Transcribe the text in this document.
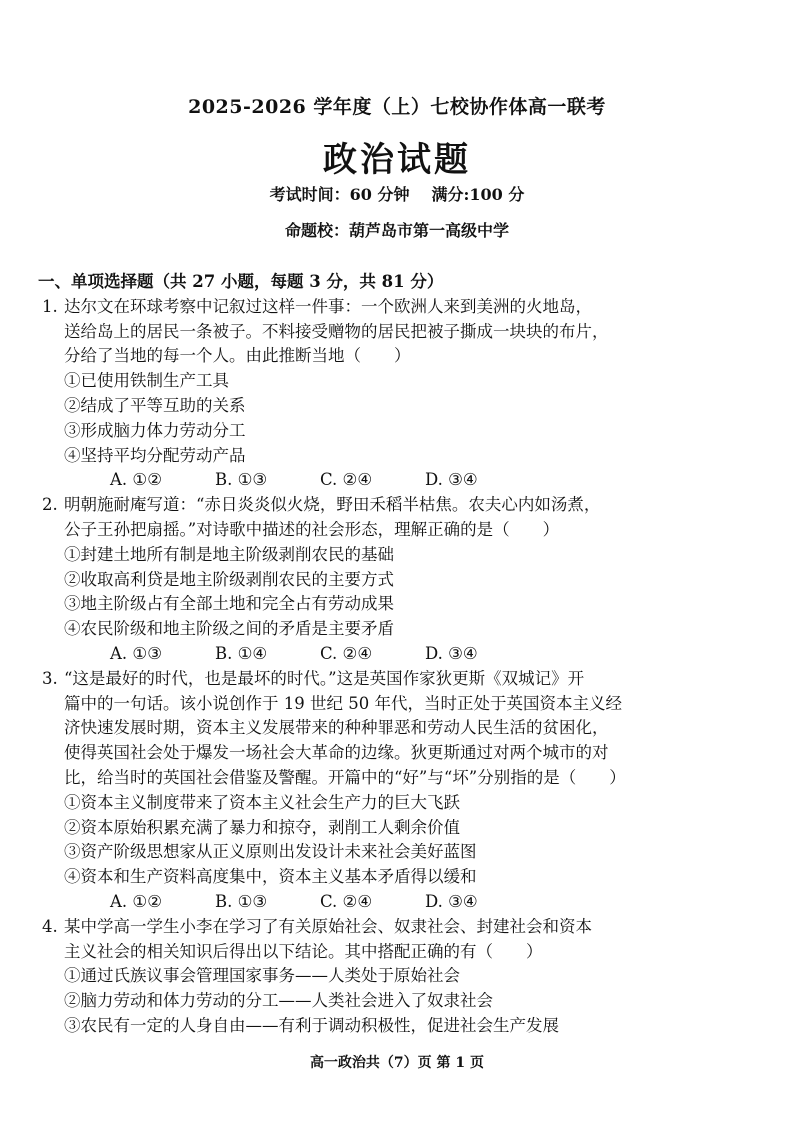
2025-2026 学年度（上）七校协作体高一联考
政治试题
考试时间：60 分钟 满分:100 分
命题校：葫芦岛市第一高级中学
一、单项选择题（共 27 小题，每题 3 分，共 81 分）
1. 达尔文在环球考察中记叙过这样一件事：一个欧洲人来到美洲的火地岛，
送给岛上的居民一条被子。不料接受赠物的居民把被子撕成一块块的布片，
分给了当地的每一个人。由此推断当地（　　）
①已使用铁制生产工具
②结成了平等互助的关系
③形成脑力体力劳动分工
④坚持平均分配劳动产品
A. ①②	B. ①③	C. ②④	D. ③④
2. 明朝施耐庵写道：“赤日炎炎似火烧，野田禾稻半枯焦。农夫心内如汤煮，
公子王孙把扇摇。”对诗歌中描述的社会形态，理解正确的是（　　）
①封建土地所有制是地主阶级剥削农民的基础
②收取高利贷是地主阶级剥削农民的主要方式
③地主阶级占有全部土地和完全占有劳动成果
④农民阶级和地主阶级之间的矛盾是主要矛盾
A. ①③	B. ①④	C. ②④	D. ③④
3. “这是最好的时代，也是最坏的时代。”这是英国作家狄更斯《双城记》开
篇中的一句话。该小说创作于 19 世纪 50 年代，当时正处于英国资本主义经
济快速发展时期，资本主义发展带来的种种罪恶和劳动人民生活的贫困化，
使得英国社会处于爆发一场社会大革命的边缘。狄更斯通过对两个城市的对
比，给当时的英国社会借鉴及警醒。开篇中的“好”与“坏”分别指的是（　　）
①资本主义制度带来了资本主义社会生产力的巨大飞跃
②资本原始积累充满了暴力和掠夺，剥削工人剩余价值
③资产阶级思想家从正义原则出发设计未来社会美好蓝图
④资本和生产资料高度集中，资本主义基本矛盾得以缓和
A. ①②	B. ①③	C. ②④	D. ③④
4. 某中学高一学生小李在学习了有关原始社会、奴隶社会、封建社会和资本
主义社会的相关知识后得出以下结论。其中搭配正确的有（　　）
①通过氏族议事会管理国家事务——人类处于原始社会
②脑力劳动和体力劳动的分工——人类社会进入了奴隶社会
③农民有一定的人身自由——有利于调动积极性，促进社会生产发展
高一政治共（7）页 第 1 页
